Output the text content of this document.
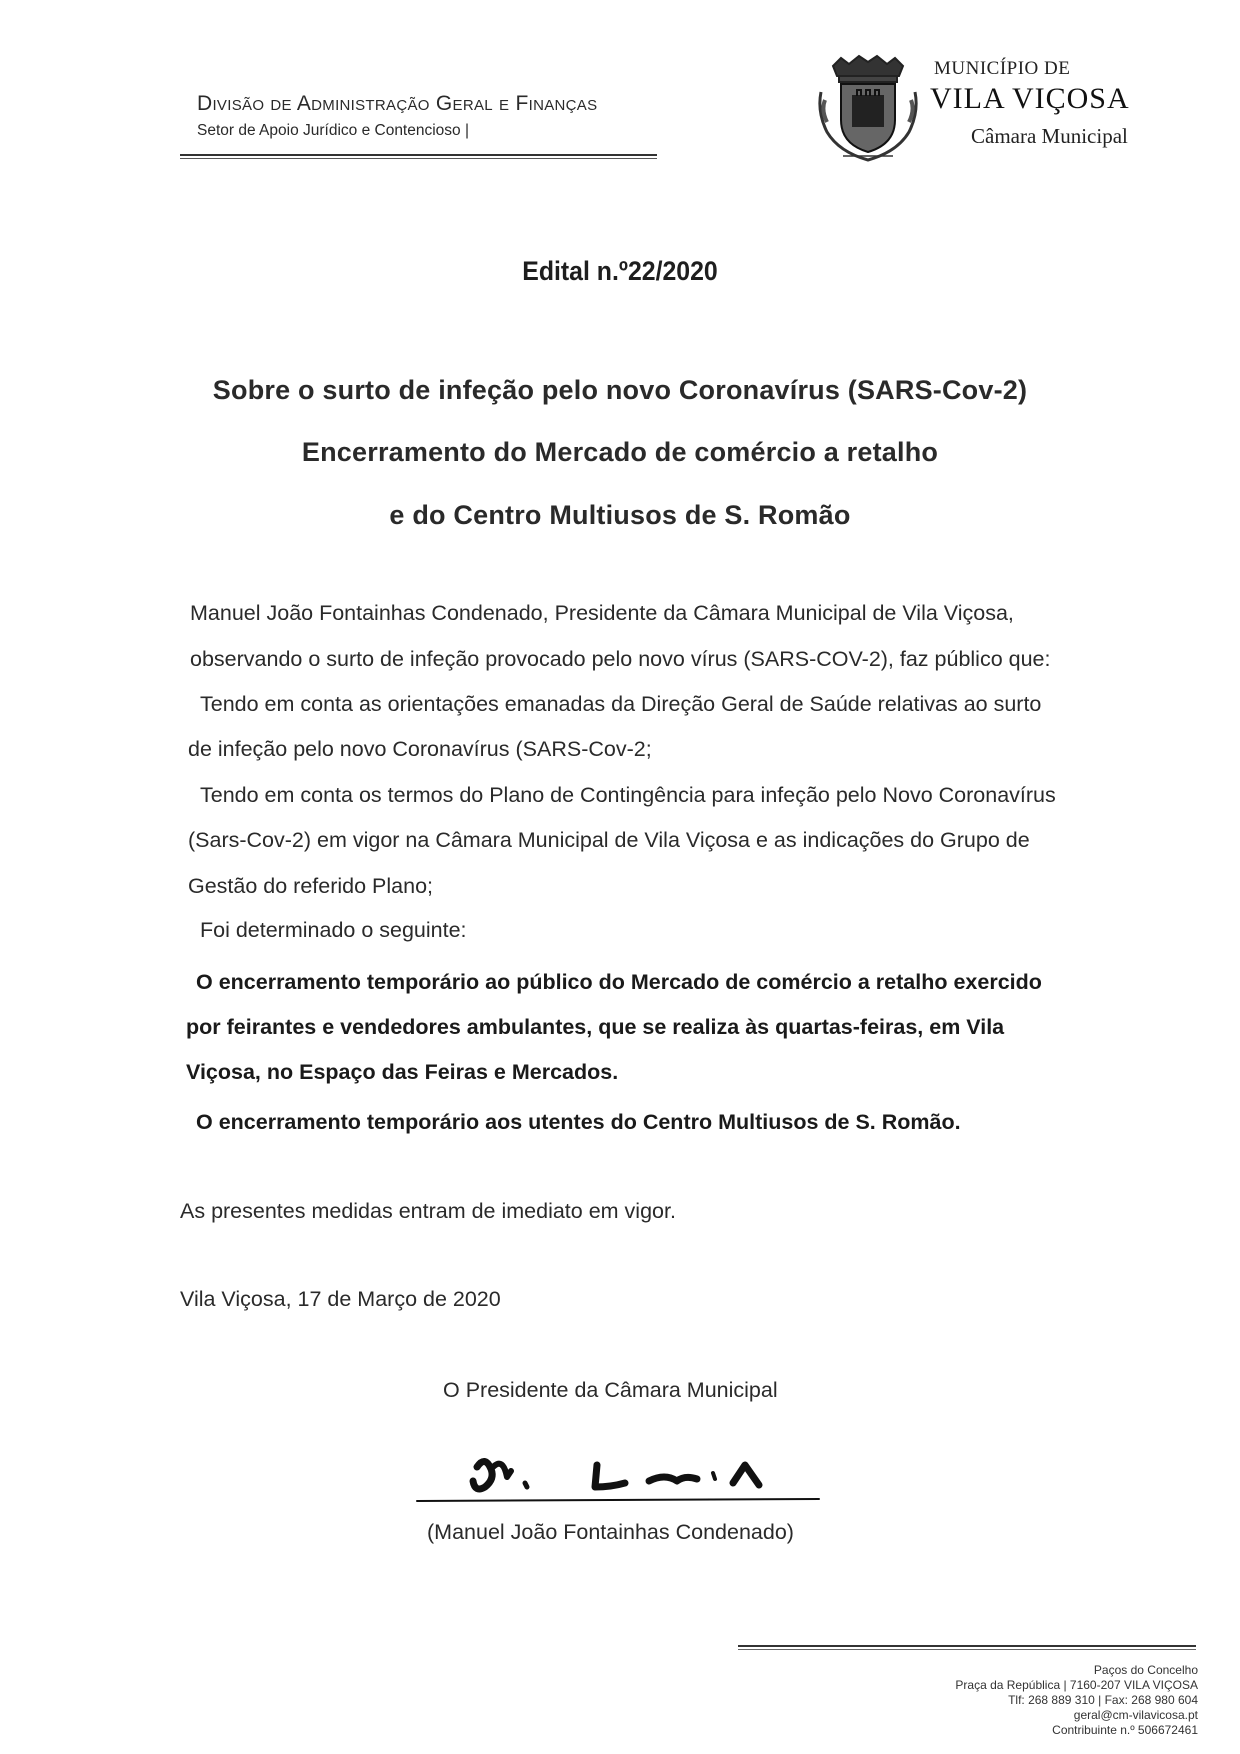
Divisão de Administração Geral e Finanças
Setor de Apoio Jurídico e Contencioso |
MUNICÍPIO DE
VILA VIÇOSA
Câmara Municipal
Edital n.º22/2020
Sobre o surto de infeção pelo novo Coronavírus (SARS-Cov-2)
Encerramento do Mercado de comércio a retalho
e do Centro Multiusos de S. Romão
Manuel João Fontainhas Condenado, Presidente da Câmara Municipal de Vila Viçosa,
observando o surto de infeção provocado pelo novo vírus (SARS-COV-2), faz público que:
Tendo em conta as orientações emanadas da Direção Geral de Saúde relativas ao surto
de infeção pelo novo Coronavírus (SARS-Cov-2;
Tendo em conta os termos do Plano de Contingência para infeção pelo Novo Coronavírus
(Sars-Cov-2) em vigor na Câmara Municipal de Vila Viçosa e as indicações do Grupo de
Gestão do referido Plano;
Foi determinado o seguinte:
O encerramento temporário ao público do Mercado de comércio a retalho exercido
por feirantes e vendedores ambulantes, que se realiza às quartas-feiras, em Vila
Viçosa, no Espaço das Feiras e Mercados.
O encerramento temporário aos utentes do Centro Multiusos de S. Romão.
As presentes medidas entram de imediato em vigor.
Vila Viçosa, 17 de Março de 2020
O Presidente da Câmara Municipal
(Manuel João Fontainhas Condenado)
Paços do Concelho
Praça da República | 7160-207 VILA VIÇOSA
Tlf: 268 889 310 | Fax: 268 980 604
geral@cm-vilavicosa.pt
Contribuinte n.º 506672461
